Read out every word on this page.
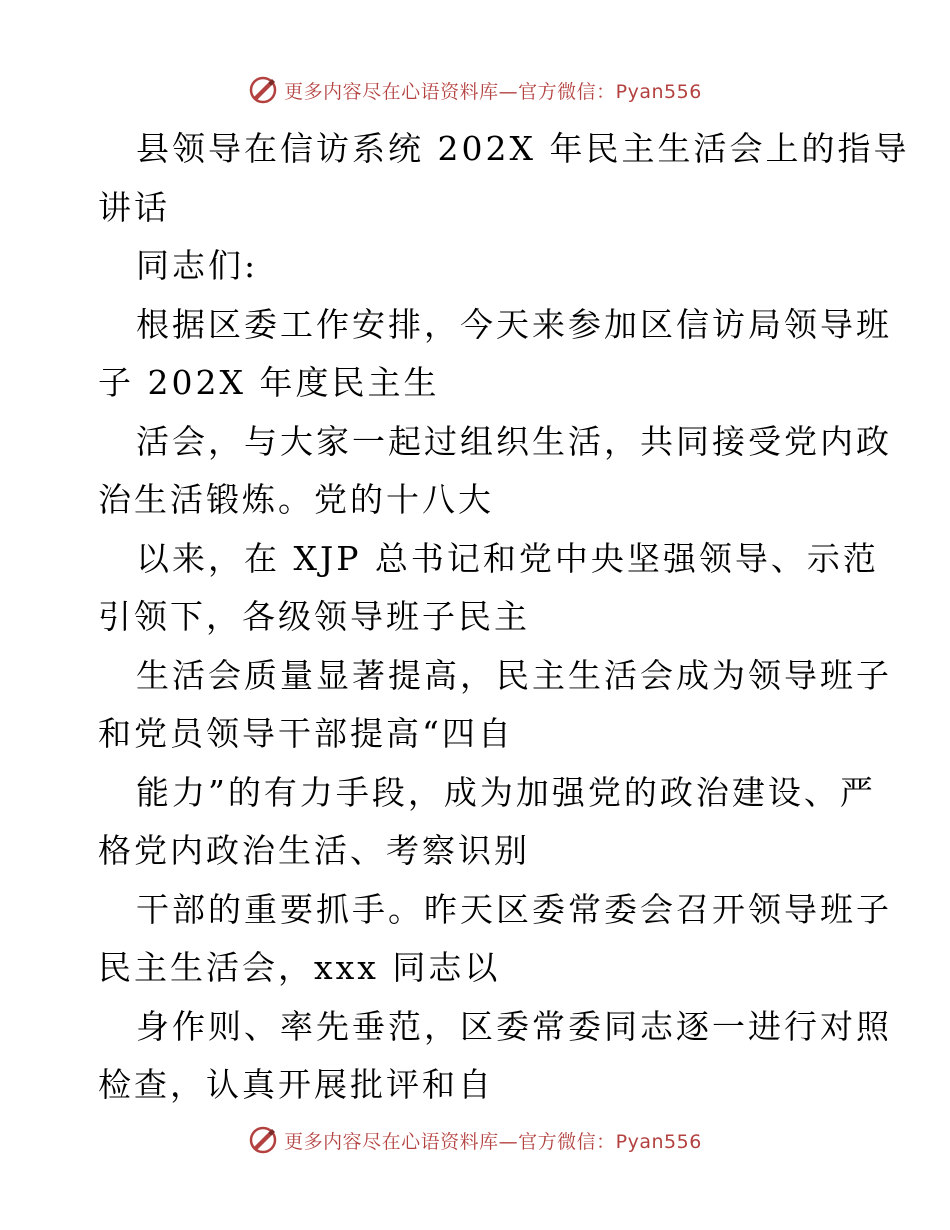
更多内容尽在心语资料库—官方微信：Pyan556

县领导在信访系统 202X 年民主生活会上的指导
讲话
同志们:
根据区委工作安排，今天来参加区信访局领导班
子 202X 年度民主生
活会，与大家一起过组织生活，共同接受党内政
治生活锻炼。党的十八大
以来，在 XJP 总书记和党中央坚强领导、示范
引领下，各级领导班子民主
生活会质量显著提高，民主生活会成为领导班子
和党员领导干部提高“四自
能力”的有力手段，成为加强党的政治建设、严
格党内政治生活、考察识别
干部的重要抓手。昨天区委常委会召开领导班子
民主生活会，xxx 同志以
身作则、率先垂范，区委常委同志逐一进行对照
检查，认真开展批评和自

更多内容尽在心语资料库—官方微信：Pyan556
